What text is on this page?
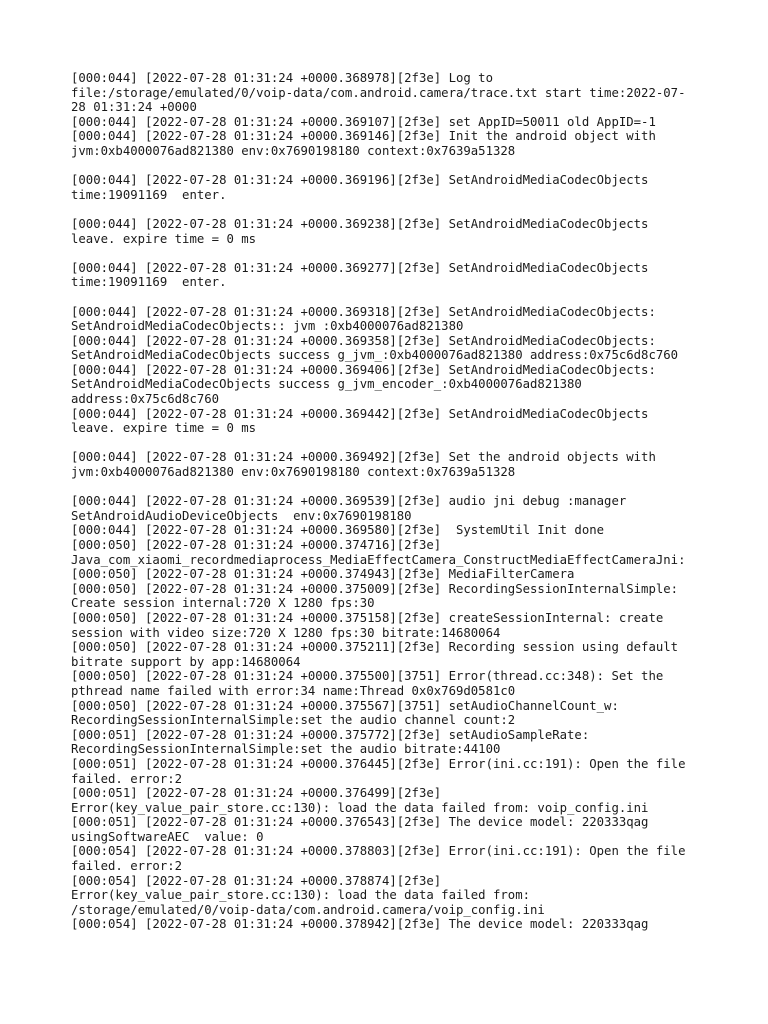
[000:044] [2022-07-28 01:31:24 +0000.368978][2f3e] Log to
file:/storage/emulated/0/voip-data/com.android.camera/trace.txt start time:2022-07-
28 01:31:24 +0000
[000:044] [2022-07-28 01:31:24 +0000.369107][2f3e] set AppID=50011 old AppID=-1
[000:044] [2022-07-28 01:31:24 +0000.369146][2f3e] Init the android object with
jvm:0xb4000076ad821380 env:0x7690198180 context:0x7639a51328

[000:044] [2022-07-28 01:31:24 +0000.369196][2f3e] SetAndroidMediaCodecObjects
time:19091169  enter.

[000:044] [2022-07-28 01:31:24 +0000.369238][2f3e] SetAndroidMediaCodecObjects
leave. expire time = 0 ms

[000:044] [2022-07-28 01:31:24 +0000.369277][2f3e] SetAndroidMediaCodecObjects
time:19091169  enter.

[000:044] [2022-07-28 01:31:24 +0000.369318][2f3e] SetAndroidMediaCodecObjects:
SetAndroidMediaCodecObjects:: jvm :0xb4000076ad821380
[000:044] [2022-07-28 01:31:24 +0000.369358][2f3e] SetAndroidMediaCodecObjects:
SetAndroidMediaCodecObjects success g_jvm_:0xb4000076ad821380 address:0x75c6d8c760
[000:044] [2022-07-28 01:31:24 +0000.369406][2f3e] SetAndroidMediaCodecObjects:
SetAndroidMediaCodecObjects success g_jvm_encoder_:0xb4000076ad821380
address:0x75c6d8c760
[000:044] [2022-07-28 01:31:24 +0000.369442][2f3e] SetAndroidMediaCodecObjects
leave. expire time = 0 ms

[000:044] [2022-07-28 01:31:24 +0000.369492][2f3e] Set the android objects with
jvm:0xb4000076ad821380 env:0x7690198180 context:0x7639a51328

[000:044] [2022-07-28 01:31:24 +0000.369539][2f3e] audio jni debug :manager
SetAndroidAudioDeviceObjects  env:0x7690198180
[000:044] [2022-07-28 01:31:24 +0000.369580][2f3e]  SystemUtil Init done
[000:050] [2022-07-28 01:31:24 +0000.374716][2f3e]
Java_com_xiaomi_recordmediaprocess_MediaEffectCamera_ConstructMediaEffectCameraJni:
[000:050] [2022-07-28 01:31:24 +0000.374943][2f3e] MediaFilterCamera
[000:050] [2022-07-28 01:31:24 +0000.375009][2f3e] RecordingSessionInternalSimple:
Create session internal:720 X 1280 fps:30
[000:050] [2022-07-28 01:31:24 +0000.375158][2f3e] createSessionInternal: create
session with video size:720 X 1280 fps:30 bitrate:14680064
[000:050] [2022-07-28 01:31:24 +0000.375211][2f3e] Recording session using default
bitrate support by app:14680064
[000:050] [2022-07-28 01:31:24 +0000.375500][3751] Error(thread.cc:348): Set the
pthread name failed with error:34 name:Thread 0x0x769d0581c0
[000:050] [2022-07-28 01:31:24 +0000.375567][3751] setAudioChannelCount_w:
RecordingSessionInternalSimple:set the audio channel count:2
[000:051] [2022-07-28 01:31:24 +0000.375772][2f3e] setAudioSampleRate:
RecordingSessionInternalSimple:set the audio bitrate:44100
[000:051] [2022-07-28 01:31:24 +0000.376445][2f3e] Error(ini.cc:191): Open the file
failed. error:2
[000:051] [2022-07-28 01:31:24 +0000.376499][2f3e]
Error(key_value_pair_store.cc:130): load the data failed from: voip_config.ini
[000:051] [2022-07-28 01:31:24 +0000.376543][2f3e] The device model: 220333qag
usingSoftwareAEC  value: 0
[000:054] [2022-07-28 01:31:24 +0000.378803][2f3e] Error(ini.cc:191): Open the file
failed. error:2
[000:054] [2022-07-28 01:31:24 +0000.378874][2f3e]
Error(key_value_pair_store.cc:130): load the data failed from:
/storage/emulated/0/voip-data/com.android.camera/voip_config.ini
[000:054] [2022-07-28 01:31:24 +0000.378942][2f3e] The device model: 220333qag
